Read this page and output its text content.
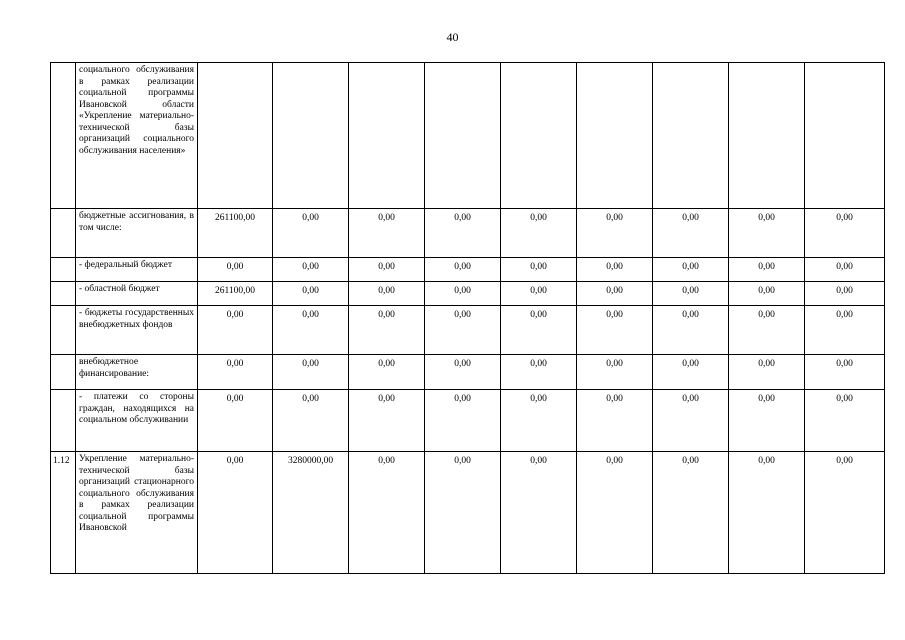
40
	социального обслуживания в рамках реализации социальной программы Ивановской области «Укрепление материально-технической базы организаций социального обслуживания населения»									
	бюджетные ассигнования, в том числе:	261100,00	0,00	0,00	0,00	0,00	0,00	0,00	0,00	0,00
	- федеральный бюджет	0,00	0,00	0,00	0,00	0,00	0,00	0,00	0,00	0,00
	- областной бюджет	261100,00	0,00	0,00	0,00	0,00	0,00	0,00	0,00	0,00
	- бюджеты государственных внебюджетных фондов	0,00	0,00	0,00	0,00	0,00	0,00	0,00	0,00	0,00
	внебюджетное финансирование:	0,00	0,00	0,00	0,00	0,00	0,00	0,00	0,00	0,00
	- платежи со стороны граждан, находящихся на социальном обслуживании	0,00	0,00	0,00	0,00	0,00	0,00	0,00	0,00	0,00
1.12	Укрепление материально-технической базы организаций стационарного социального обслуживания в рамках реализации социальной программы Ивановской	0,00	3280000,00	0,00	0,00	0,00	0,00	0,00	0,00	0,00
